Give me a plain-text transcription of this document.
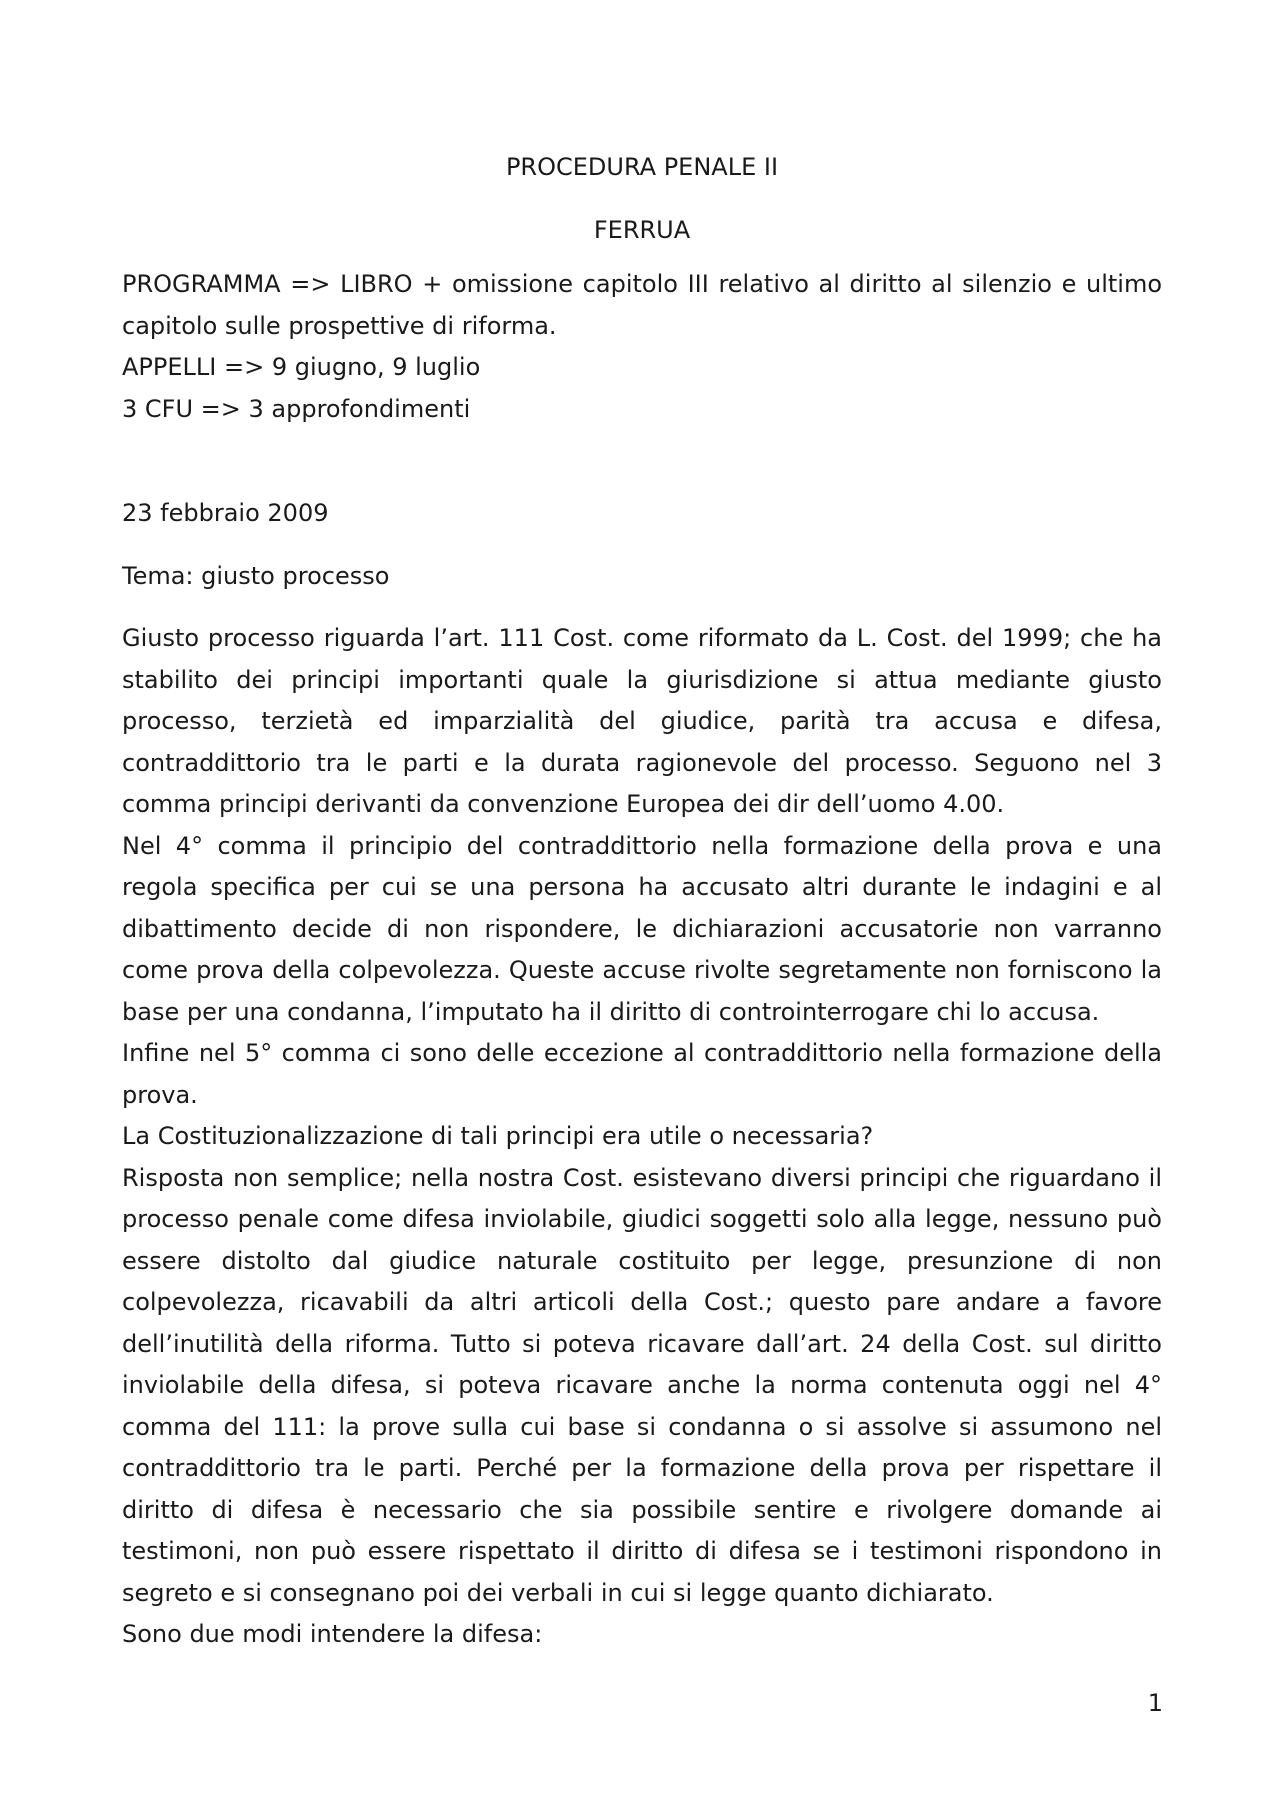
PROCEDURA PENALE II

FERRUA

PROGRAMMA => LIBRO + omissione capitolo III relativo al diritto al silenzio e ultimo capitolo sulle prospettive di riforma.

APPELLI => 9 giugno, 9 luglio

3 CFU => 3 approfondimenti

23 febbraio 2009

Tema: giusto processo

Giusto processo riguarda l’art. 111 Cost. come riformato da L. Cost. del 1999; che ha stabilito dei principi importanti quale la giurisdizione si attua mediante giusto processo, terzietà ed imparzialità del giudice, parità tra accusa e difesa, contraddittorio tra le parti e la durata ragionevole del processo. Seguono nel 3 comma principi derivanti da convenzione Europea dei dir dell’uomo 4.00.

Nel 4° comma il principio del contraddittorio nella formazione della prova e una regola specifica per cui se una persona ha accusato altri durante le indagini e al dibattimento decide di non rispondere, le dichiarazioni accusatorie non varranno come prova della colpevolezza. Queste accuse rivolte segretamente non forniscono la base per una condanna, l’imputato ha il diritto di controinterrogare chi lo accusa.

Infine nel 5° comma ci sono delle eccezione al contraddittorio nella formazione della prova.

La Costituzionalizzazione di tali principi era utile o necessaria?

Risposta non semplice; nella nostra Cost. esistevano diversi principi che riguardano il processo penale come difesa inviolabile, giudici soggetti solo alla legge, nessuno può essere distolto dal giudice naturale costituito per legge, presunzione di non colpevolezza, ricavabili da altri articoli della Cost.; questo pare andare a favore dell’inutilità della riforma. Tutto si poteva ricavare dall’art. 24 della Cost. sul diritto inviolabile della difesa, si poteva ricavare anche la norma contenuta oggi nel 4° comma del 111: la prove sulla cui base si condanna o si assolve si assumono nel contraddittorio tra le parti. Perché per la formazione della prova per rispettare il diritto di difesa è necessario che sia possibile sentire e rivolgere domande ai testimoni, non può essere rispettato il diritto di difesa se i testimoni rispondono in segreto e si consegnano poi dei verbali in cui si legge quanto dichiarato.

Sono due modi intendere la difesa:

1
